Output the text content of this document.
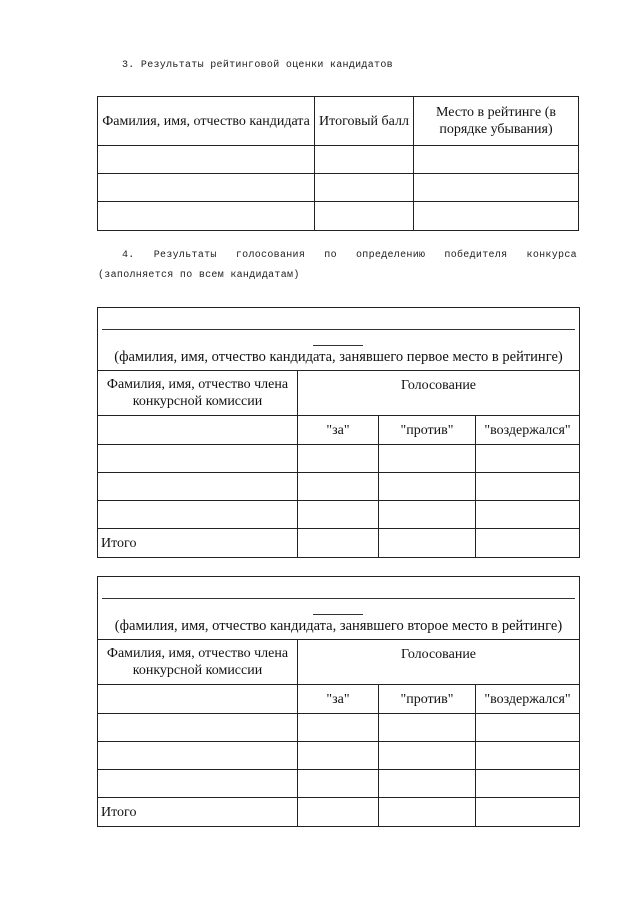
3. Результаты рейтинговой оценки кандидатов
Фамилия, имя, отчество кандидата	Итоговый балл	Место в рейтинге (в порядке убывания)

4. Результаты голосования по определению победителя конкурса
(заполняется по всем кандидатам)
(фамилия, имя, отчество кандидата, занявшего первое место в рейтинге)
Фамилия, имя, отчество члена конкурсной комиссии	Голосование		
	"за"	"против"	"воздержался"

Итого			
(фамилия, имя, отчество кандидата, занявшего второе место в рейтинге)
Фамилия, имя, отчество члена конкурсной комиссии	Голосование		
	"за"	"против"	"воздержался"

Итого			
